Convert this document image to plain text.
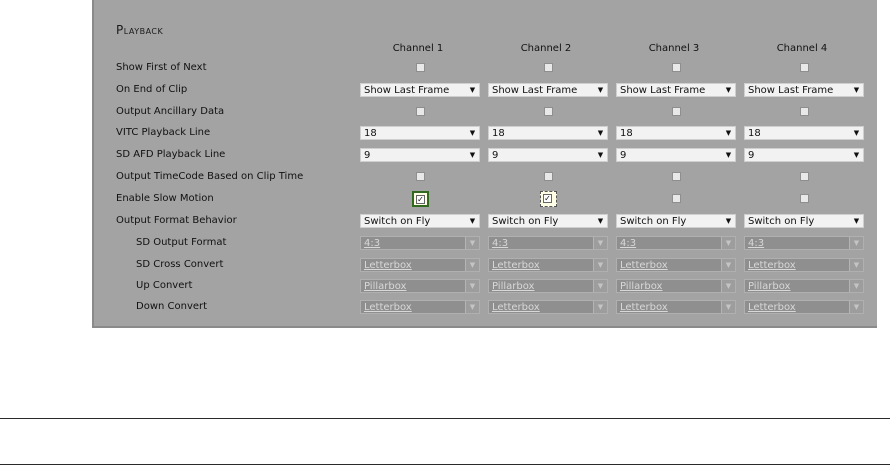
Playback
Channel 1	Channel 2	Channel 3	Channel 4
Show First of Next
On End of Clip	Show Last Frame	▼	Show Last Frame	▼	Show Last Frame	▼	Show Last Frame	▼
Output Ancillary Data
VITC Playback Line	18	▼	18	▼	18	▼	18	▼
SD AFD Playback Line	9	▼	9	▼	9	▼	9	▼
Output TimeCode Based on Clip Time
Enable Slow Motion	✓	✓
Output Format Behavior	Switch on Fly	▼	Switch on Fly	▼	Switch on Fly	▼	Switch on Fly	▼
SD Output Format	4:3	▼	4:3	▼	4:3	▼	4:3	▼
SD Cross Convert	Letterbox	▼	Letterbox	▼	Letterbox	▼	Letterbox	▼
Up Convert	Pillarbox	▼	Pillarbox	▼	Pillarbox	▼	Pillarbox	▼
Down Convert	Letterbox	▼	Letterbox	▼	Letterbox	▼	Letterbox	▼
